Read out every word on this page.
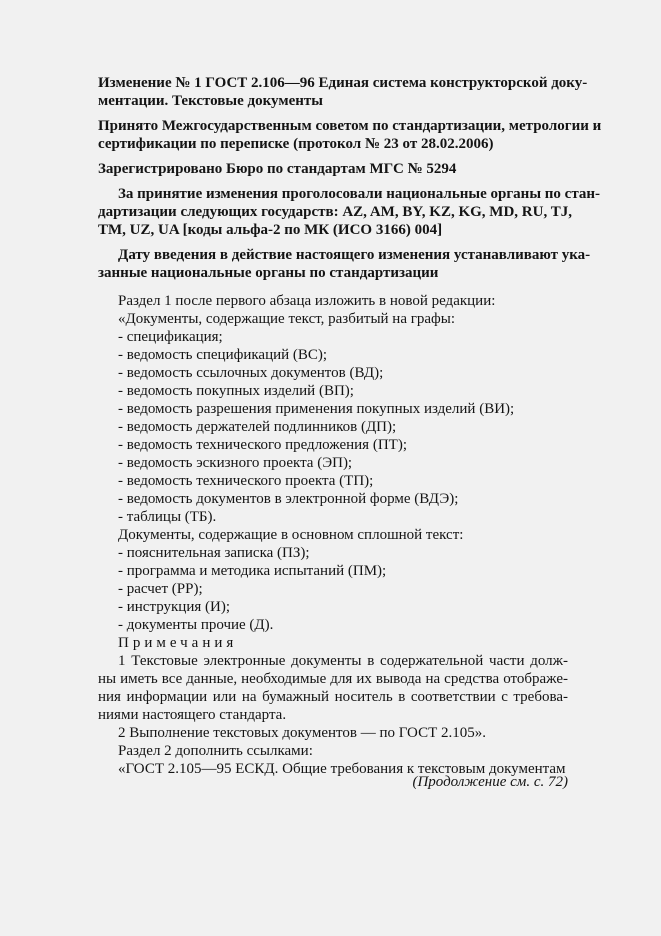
Изменение № 1 ГОСТ 2.106—96 Единая система конструкторской доку-
ментации. Текстовые документы
Принято Межгосударственным советом по стандартизации, метрологии и
сертификации по переписке (протокол № 23 от 28.02.2006)
Зарегистрировано Бюро по стандартам МГС № 5294
За принятие изменения проголосовали национальные органы по стан-
дартизации следующих государств: AZ, AM, BY, KZ, KG, MD, RU, TJ,
TM, UZ, UA [коды альфа-2 по МК (ИСО 3166) 004]
Дату введения в действие настоящего изменения устанавливают ука-
занные национальные органы по стандартизации
Раздел 1 после первого абзаца изложить в новой редакции:
«Документы, содержащие текст, разбитый на графы:
- спецификация;
- ведомость спецификаций (ВС);
- ведомость ссылочных документов (ВД);
- ведомость покупных изделий (ВП);
- ведомость разрешения применения покупных изделий (ВИ);
- ведомость держателей подлинников (ДП);
- ведомость технического предложения (ПТ);
- ведомость эскизного проекта (ЭП);
- ведомость технического проекта (ТП);
- ведомость документов в электронной форме (ВДЭ);
- таблицы (ТБ).
Документы, содержащие в основном сплошной текст:
- пояснительная записка (ПЗ);
- программа и методика испытаний (ПМ);
- расчет (РР);
- инструкция (И);
- документы прочие (Д).
Примечания
1 Текстовые электронные документы в содержательной части долж-
ны иметь все данные, необходимые для их вывода на средства отображе-
ния информации или на бумажный носитель в соответствии с требова-
ниями настоящего стандарта.
2 Выполнение текстовых документов — по ГОСТ 2.105».
Раздел 2 дополнить ссылками:
«ГОСТ 2.105—95 ЕСКД. Общие требования к текстовым документам
(Продолжение см. с. 72)
